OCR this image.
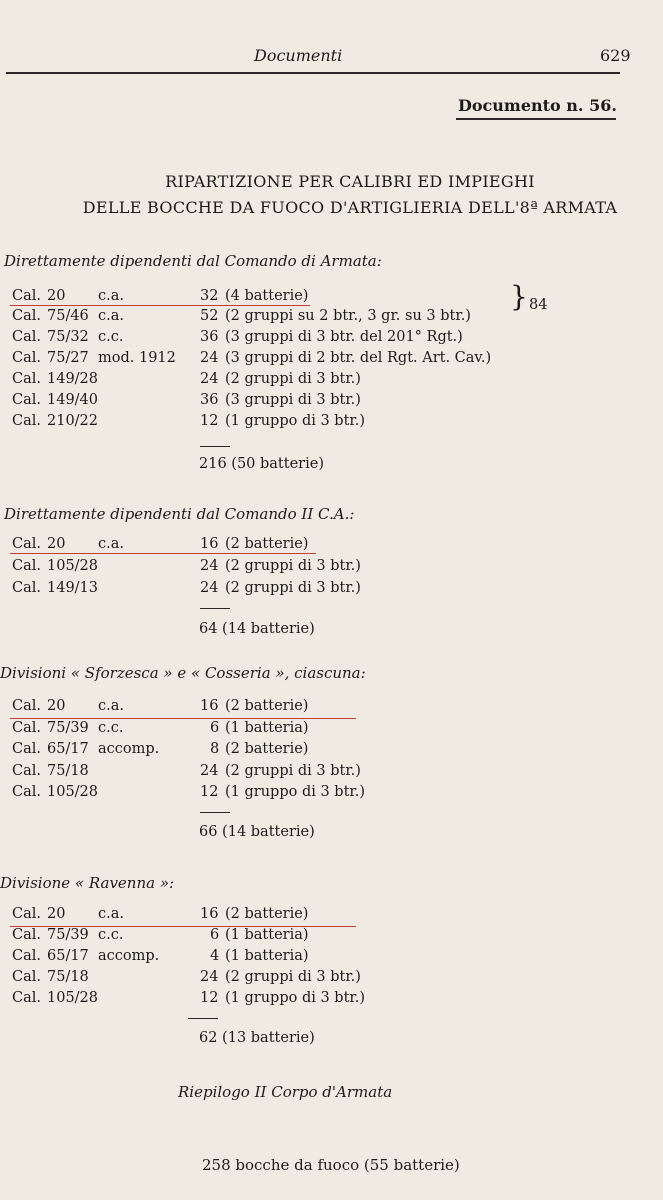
Documenti	629
Documento n. 56.
RIPARTIZIONE PER CALIBRI ED IMPIEGHI
DELLE BOCCHE DA FUOCO D'ARTIGLIERIA DELL'8ª ARMATA
Direttamente dipendenti dal Comando di Armata:
Cal. 20 c.a.	32 (4 batterie)
Cal. 75/46 c.a.	52 (2 gruppi su 2 btr., 3 gr. su 3 btr.)
Cal. 75/32 c.c.	36 (3 gruppi di 3 btr. del 201° Rgt.)
Cal. 75/27 mod. 1912 24 (3 gruppi di 2 btr. del Rgt. Art. Cav.)
Cal. 149/28	24 (2 gruppi di 3 btr.)
Cal. 149/40	36 (3 gruppi di 3 btr.)
Cal. 210/22	12 (1 gruppo di 3 btr.)
} 84
216 (50 batterie)
Direttamente dipendenti dal Comando II C.A.:
Cal. 20 c.a.	16 (2 batterie)
Cal. 105/28	24 (2 gruppi di 3 btr.)
Cal. 149/13	24 (2 gruppi di 3 btr.)
64 (14 batterie)
Divisioni « Sforzesca » e « Cosseria », ciascuna:
Cal. 20 c.a.	16 (2 batterie)
Cal. 75/39 c.c.	6 (1 batteria)
Cal. 65/17 accomp.	8 (2 batterie)
Cal. 75/18	24 (2 gruppi di 3 btr.)
Cal. 105/28	12 (1 gruppo di 3 btr.)
66 (14 batterie)
Divisione « Ravenna »:
Cal. 20 c.a.	16 (2 batterie)
Cal. 75/39 c.c.	6 (1 batteria)
Cal. 65/17 accomp.	4 (1 batteria)
Cal. 75/18	24 (2 gruppi di 3 btr.)
Cal. 105/28	12 (1 gruppo di 3 btr.)
62 (13 batterie)
Riepilogo II Corpo d'Armata
258 bocche da fuoco (55 batterie)
